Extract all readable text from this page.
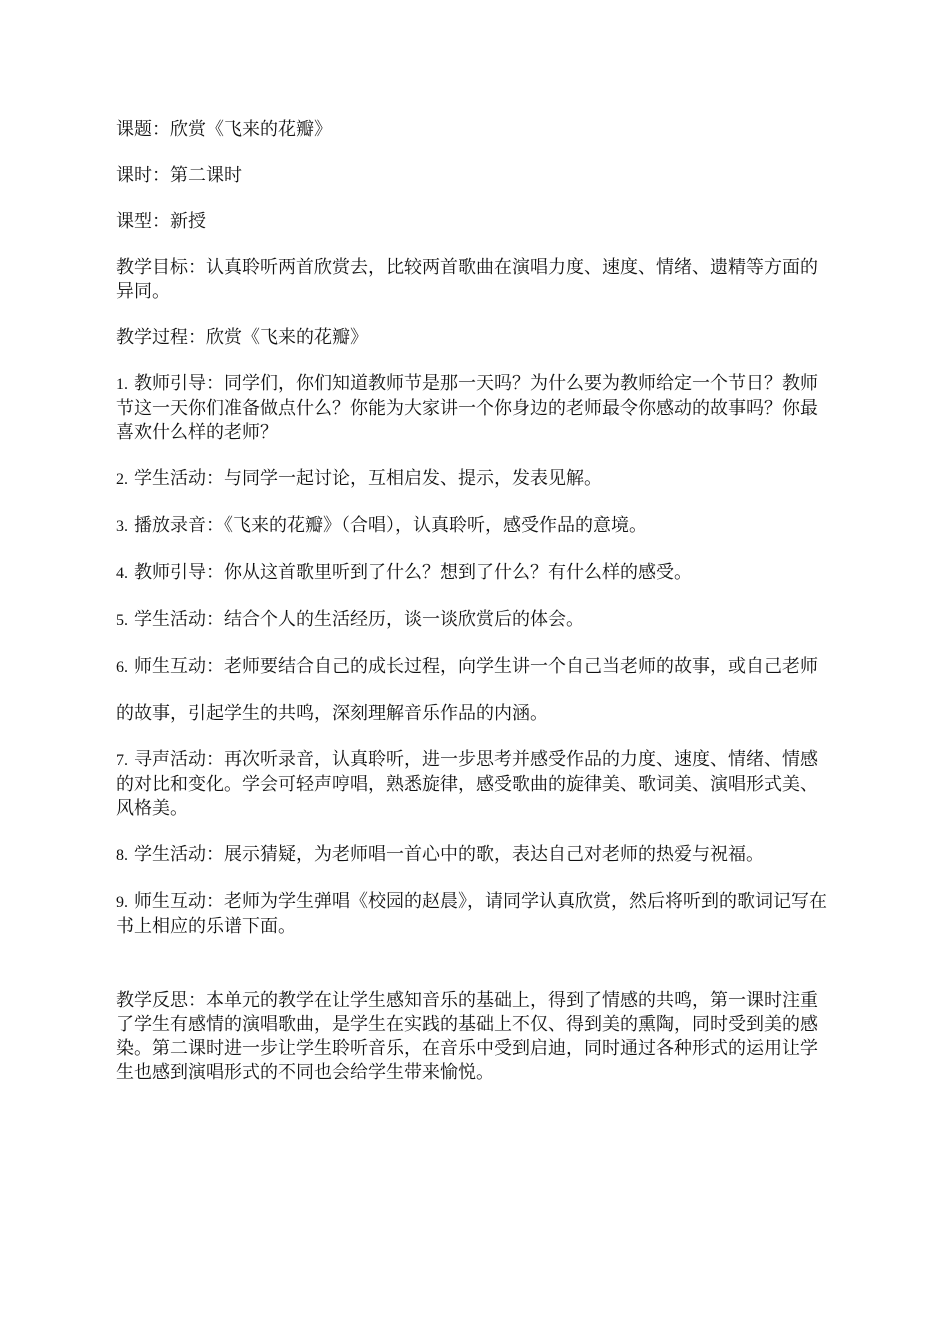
课题：欣赏《飞来的花瓣》

课时：第二课时

课型：新授

教学目标：认真聆听两首欣赏去，比较两首歌曲在演唱力度、速度、情绪、遗精等方面的异同。

教学过程：欣赏《飞来的花瓣》

1. 教师引导：同学们，你们知道教师节是那一天吗？为什么要为教师给定一个节日？教师节这一天你们准备做点什么？你能为大家讲一个你身边的老师最令你感动的故事吗？你最喜欢什么样的老师？

2. 学生活动：与同学一起讨论，互相启发、提示，发表见解。

3. 播放录音：《飞来的花瓣》（合唱），认真聆听，感受作品的意境。

4. 教师引导：你从这首歌里听到了什么？想到了什么？有什么样的感受。

5. 学生活动：结合个人的生活经历，谈一谈欣赏后的体会。

6. 师生互动：老师要结合自己的成长过程，向学生讲一个自己当老师的故事，或自己老师

的故事，引起学生的共鸣，深刻理解音乐作品的内涵。

7. 寻声活动：再次听录音，认真聆听，进一步思考并感受作品的力度、速度、情绪、情感的对比和变化。学会可轻声哼唱，熟悉旋律，感受歌曲的旋律美、歌词美、演唱形式美、风格美。

8. 学生活动：展示猜疑，为老师唱一首心中的歌，表达自己对老师的热爱与祝福。

9. 师生互动：老师为学生弹唱《校园的赵晨》，请同学认真欣赏，然后将听到的歌词记写在书上相应的乐谱下面。

教学反思：本单元的教学在让学生感知音乐的基础上，得到了情感的共鸣，第一课时注重了学生有感情的演唱歌曲，是学生在实践的基础上不仅、得到美的熏陶，同时受到美的感染。第二课时进一步让学生聆听音乐，在音乐中受到启迪，同时通过各种形式的运用让学生也感到演唱形式的不同也会给学生带来愉悦。
